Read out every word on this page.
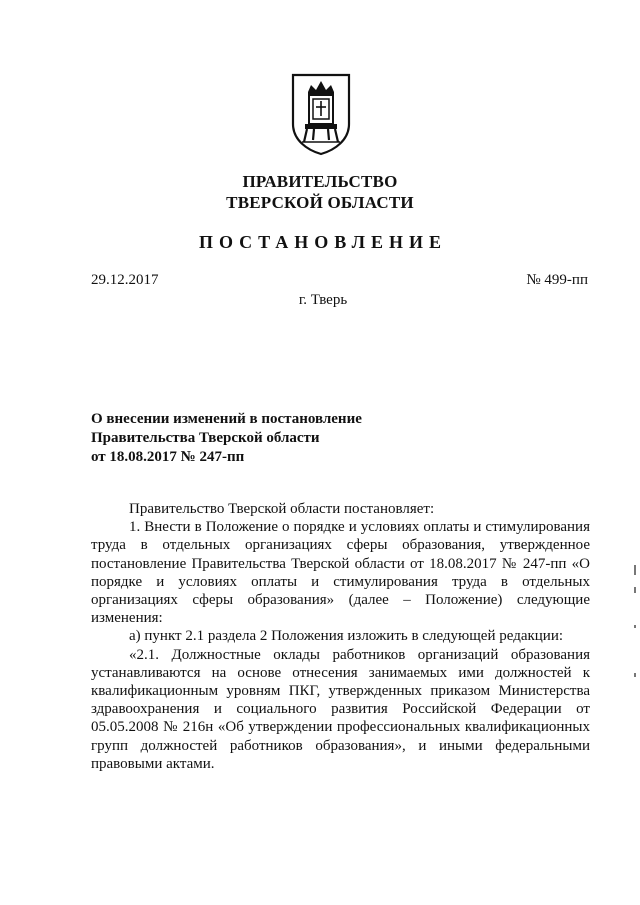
ПРАВИТЕЛЬСТВО
ТВЕРСКОЙ ОБЛАСТИ
ПОСТАНОВЛЕНИЕ
29.12.2017	№ 499-пп
г. Тверь
О внесении изменений в постановление
Правительства Тверской области
от 18.08.2017 № 247-пп

Правительство Тверской области постановляет:

1. Внести в Положение о порядке и условиях оплаты и стимулирования труда в отдельных организациях сферы образования, утвержденное постановление Правительства Тверской области от 18.08.2017 № 247-пп «О порядке и условиях оплаты и стимулирования труда в отдельных организациях сферы образования» (далее – Положение) следующие изменения:

а) пункт 2.1 раздела 2 Положения изложить в следующей редакции:

«2.1. Должностные оклады работников организаций образования устанавливаются на основе отнесения занимаемых ими должностей к квалификационным уровням ПКГ, утвержденных приказом Министерства здравоохранения и социального развития Российской Федерации от 05.05.2008 № 216н «Об утверждении профессиональных квалификационных групп должностей работников образования», и иными федеральными правовыми актами.
